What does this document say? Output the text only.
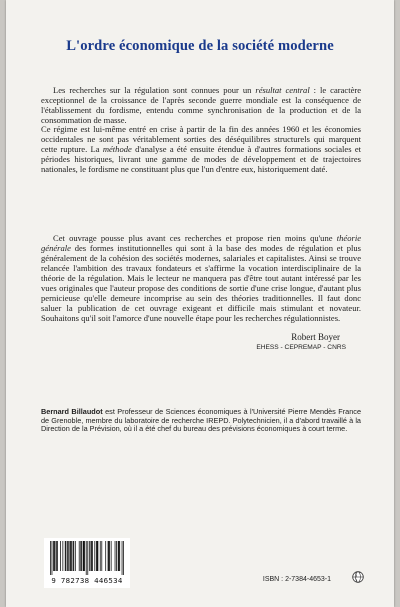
L'ordre économique de la société moderne
Les recherches sur la régulation sont connues pour un résultat central : le caractère exceptionnel de la croissance de l'après seconde guerre mondiale est la conséquence de l'établissement du fordisme, entendu comme synchronisation de la production et de la consommation de masse.
Ce régime est lui-même entré en crise à partir de la fin des années 1960 et les économies occidentales ne sont pas véritablement sorties des déséquilibres structurels qui marquent cette rupture. La méthode d'analyse a été ensuite étendue à d'autres formations sociales et périodes historiques, livrant une gamme de modes de développement et de trajectoires nationales, le fordisme ne constituant plus que l'un d'entre eux, historiquement daté.
Cet ouvrage pousse plus avant ces recherches et propose rien moins qu'une théorie générale des formes institutionnelles qui sont à la base des modes de régulation et plus généralement de la cohésion des sociétés modernes, salariales et capitalistes. Ainsi se trouve relancée l'ambition des travaux fondateurs et s'affirme la vocation interdisciplinaire de la théorie de la régulation. Mais le lecteur ne manquera pas d'être tout autant intéressé par les vues originales que l'auteur propose des conditions de sortie d'une crise longue, d'autant plus pernicieuse qu'elle demeure incomprise au sein des théories traditionnelles. Il faut donc saluer la publication de cet ouvrage exigeant et difficile mais stimulant et novateur. Souhaitons qu'il soit l'amorce d'une nouvelle étape pour les recherches régulationnistes.
Robert Boyer
EHESS - CEPREMAP - CNRS
Bernard Billaudot est Professeur de Sciences économiques à l'Université Pierre Mendès France de Grenoble, membre du laboratoire de recherche IREPD. Polytechnicien, il a d'abord travaillé à la Direction de la Prévision, où il a été chef du bureau des prévisions économiques à court terme.
9 782738 446534	ISBN : 2-7384-4653-1
